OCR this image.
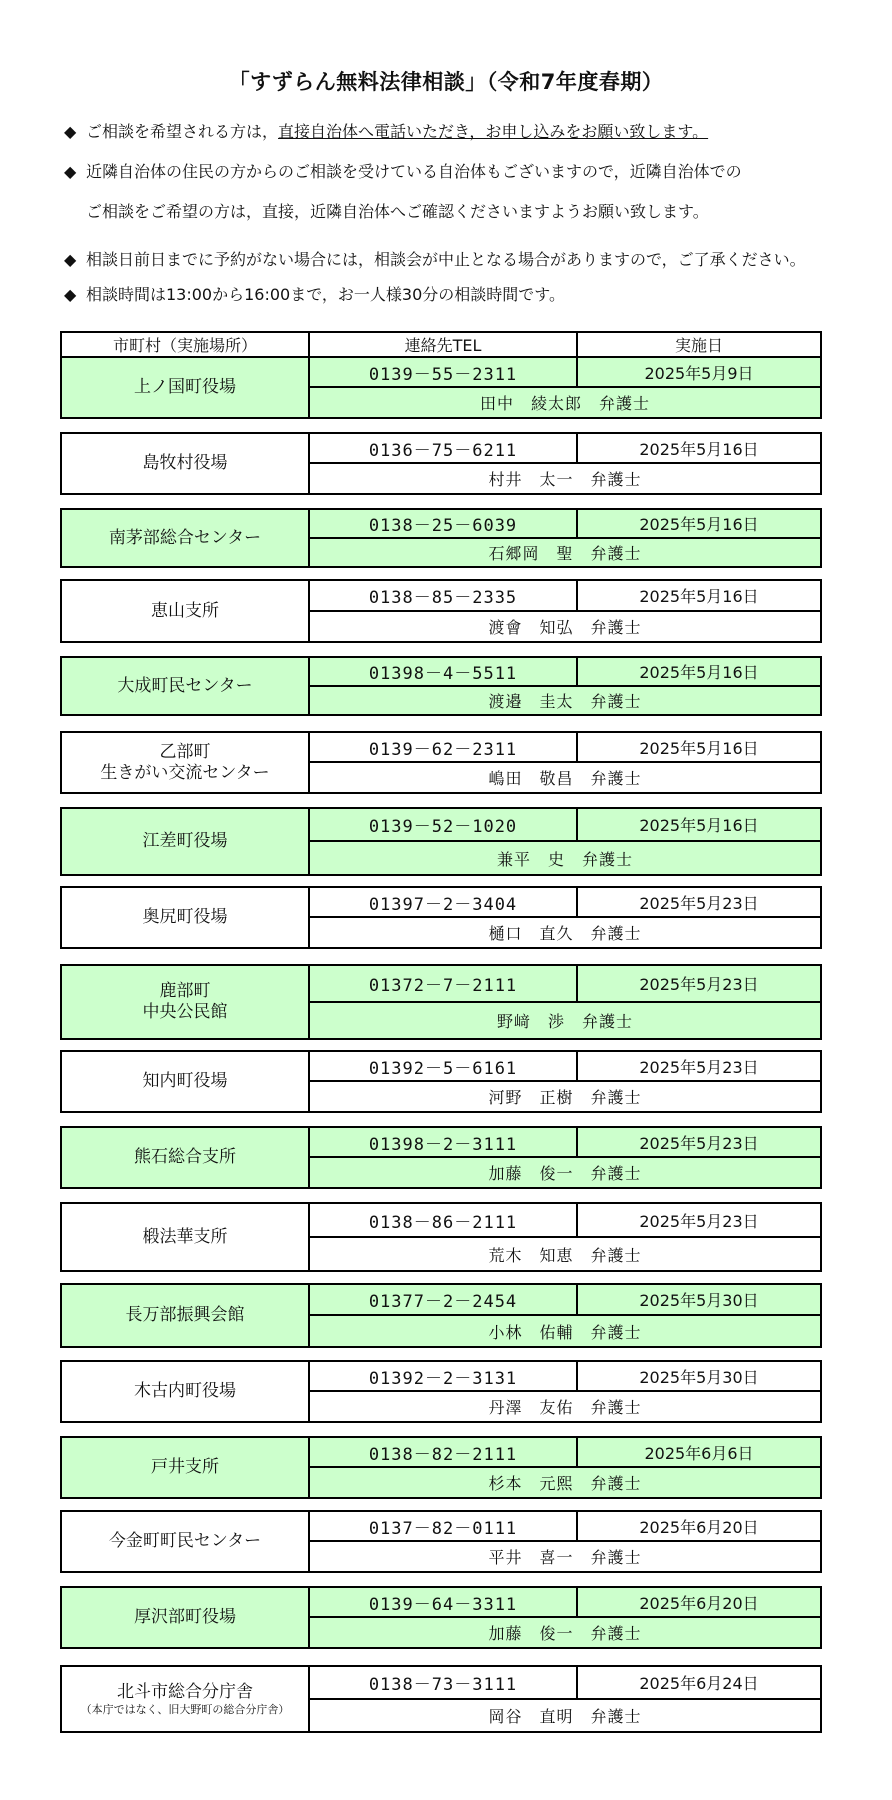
「すずらん無料法律相談」（令和7年度春期）
◆ ご相談を希望される方は，直接自治体へ電話いただき，お申し込みをお願い致します。
◆ 近隣自治体の住民の方からのご相談を受けている自治体もございますので，近隣自治体での
ご相談をご希望の方は，直接，近隣自治体へご確認くださいますようお願い致します。
◆ 相談日前日までに予約がない場合には，相談会が中止となる場合がありますので，ご了承ください。
◆ 相談時間は13:00から16:00まで，お一人様30分の相談時間です。
市町村（実施場所）	連絡先TEL	実施日
上ノ国町役場	0139－55－2311	2025年5月9日
田中　綾太郎　弁護士
島牧村役場	0136－75－6211	2025年5月16日
村井　太一　弁護士
南茅部総合センター	0138－25－6039	2025年5月16日
石郷岡　聖　弁護士
恵山支所	0138－85－2335	2025年5月16日
渡會　知弘　弁護士
大成町民センター	01398－4－5511	2025年5月16日
渡邉　圭太　弁護士
乙部町
生きがい交流センター	0139－62－2311	2025年5月16日
嶋田　敬昌　弁護士
江差町役場	0139－52－1020	2025年5月16日
兼平　史　弁護士
奥尻町役場	01397－2－3404	2025年5月23日
樋口　直久　弁護士
鹿部町
中央公民館	01372－7－2111	2025年5月23日
野﨑　渉　弁護士
知内町役場	01392－5－6161	2025年5月23日
河野　正樹　弁護士
熊石総合支所	01398－2－3111	2025年5月23日
加藤　俊一　弁護士
椴法華支所	0138－86－2111	2025年5月23日
荒木　知恵　弁護士
長万部振興会館	01377－2－2454	2025年5月30日
小林　佑輔　弁護士
木古内町役場	01392－2－3131	2025年5月30日
丹澤　友佑　弁護士
戸井支所	0138－82－2111	2025年6月6日
杉本　元熙　弁護士
今金町町民センター	0137－82－0111	2025年6月20日
平井　喜一　弁護士
厚沢部町役場	0139－64－3311	2025年6月20日
加藤　俊一　弁護士
北斗市総合分庁舎
（本庁ではなく、旧大野町の総合分庁舎）
	0138－73－3111	2025年6月24日
岡谷　直明　弁護士
